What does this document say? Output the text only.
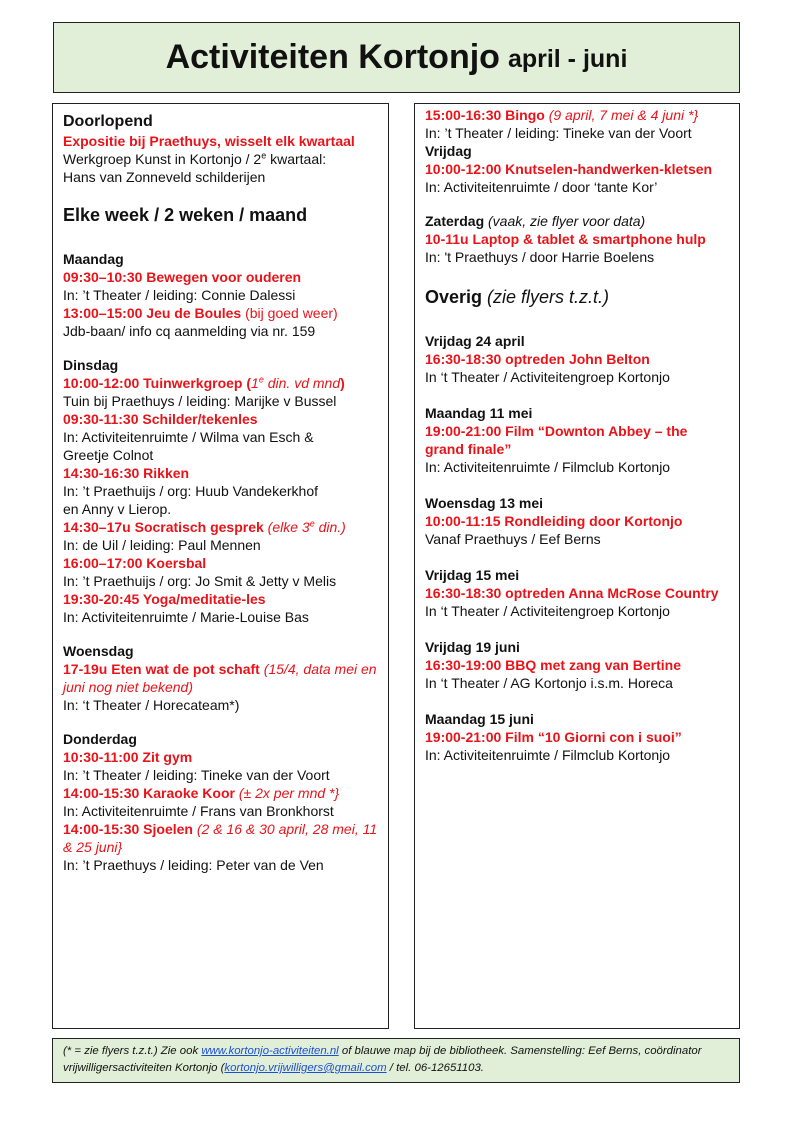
Activiteiten Kortonjo april - juni

Doorlopend

Expositie bij Praethuys, wisselt elk kwartaal

Werkgroep Kunst in Kortonjo / 2e kwartaal:

Hans van Zonneveld schilderijen

Elke week / 2 weken / maand

Maandag

09:30–10:30 Bewegen voor ouderen

In: ’t Theater / leiding: Connie Dalessi

13:00–15:00 Jeu de Boules (bij goed weer)

Jdb-baan/ info cq aanmelding via nr. 159

Dinsdag

10:00-12:00 Tuinwerkgroep (1e din. vd mnd)

Tuin bij Praethuys / leiding: Marijke v Bussel

09:30-11:30 Schilder/tekenles

In: Activiteitenruimte / Wilma van Esch &

Greetje Colnot

14:30-16:30 Rikken

In: ’t Praethuijs / org: Huub Vandekerkhof

en Anny v Lierop.

14:30–17u Socratisch gesprek (elke 3e din.)

In: de Uil / leiding: Paul Mennen

16:00–17:00 Koersbal

In: ’t Praethuijs / org: Jo Smit & Jetty v Melis

19:30-20:45 Yoga/meditatie-les

In: Activiteitenruimte / Marie-Louise Bas

Woensdag

17-19u Eten wat de pot schaft (15/4, data mei en juni nog niet bekend)

In: ‘t Theater / Horecateam*)

Donderdag

10:30-11:00 Zit gym

In: ’t Theater / leiding: Tineke van der Voort

14:00-15:30 Karaoke Koor (± 2x per mnd *}

In: Activiteitenruimte / Frans van Bronkhorst

14:00-15:30 Sjoelen (2 & 16 & 30 april, 28 mei, 11 & 25 juni}

In: ’t Praethuys / leiding: Peter van de Ven

15:00-16:30 Bingo (9 april, 7 mei & 4 juni *}

In: ’t Theater / leiding: Tineke van der Voort

Vrijdag

10:00-12:00 Knutselen-handwerken-kletsen

In: Activiteitenruimte / door ‘tante Kor’

Zaterdag (vaak, zie flyer voor data)

10-11u Laptop & tablet & smartphone hulp

In: 't Praethuys / door Harrie Boelens

Overig (zie flyers t.z.t.)

Vrijdag 24 april

16:30-18:30 optreden John Belton

In ‘t Theater / Activiteitengroep Kortonjo

Maandag 11 mei

19:00-21:00 Film “Downton Abbey – the grand finale”

In: Activiteitenruimte / Filmclub Kortonjo

Woensdag 13 mei

10:00-11:15 Rondleiding door Kortonjo

Vanaf Praethuys / Eef Berns

Vrijdag 15 mei

16:30-18:30 optreden Anna McRose Country

In ‘t Theater / Activiteitengroep Kortonjo

Vrijdag 19 juni

16:30-19:00 BBQ met zang van Bertine

In ‘t Theater / AG Kortonjo i.s.m. Horeca

Maandag 15 juni

19:00-21:00 Film “10 Giorni con i suoi”

In: Activiteitenruimte / Filmclub Kortonjo

(* = zie flyers t.z.t.) Zie ook www.kortonjo-activiteiten.nl of blauwe map bij de bibliotheek. Samenstelling: Eef Berns, coördinator vrijwilligersactiviteiten Kortonjo (kortonjo.vrijwilligers@gmail.com / tel. 06-12651103.
